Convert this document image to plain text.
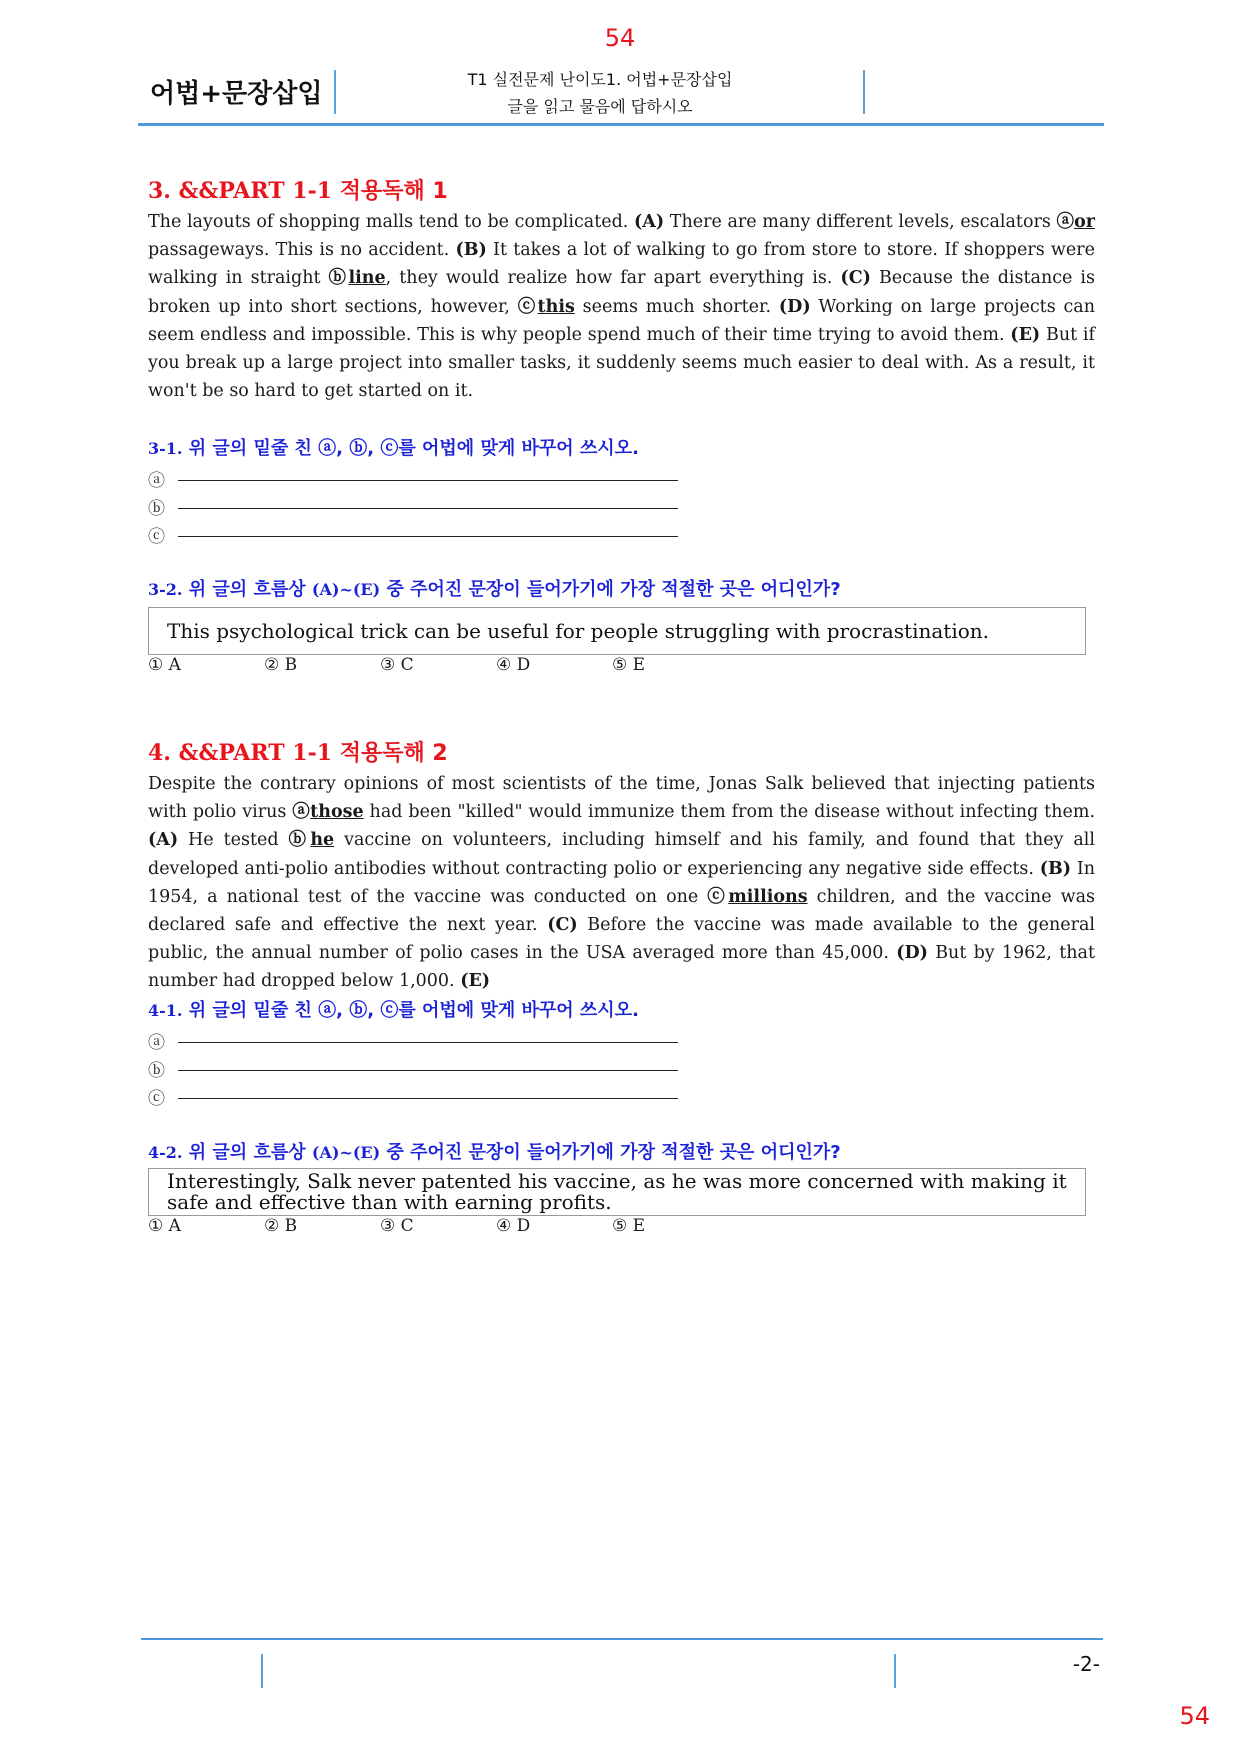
54
어법+문장삽입	T1 실전문제 난이도1. 어법+문장삽입
글을 읽고 물음에 답하시오
3. &&PART 1-1 적용독해 1
The layouts of shopping malls tend to be complicated. (A) There are many different levels, escalators ⓐor passageways. This is no accident. (B) It takes a lot of walking to go from store to store. If shoppers were walking in straight ⓑline, they would realize how far apart everything is. (C) Because the distance is broken up into short sections, however, ⓒthis seems much shorter. (D) Working on large projects can seem endless and impossible. This is why people spend much of their time trying to avoid them. (E) But if you break up a large project into smaller tasks, it suddenly seems much easier to deal with. As a result, it won't be so hard to get started on it.
3-1. 위 글의 밑줄 친 ⓐ, ⓑ, ⓒ를 어법에 맞게 바꾸어 쓰시오.
ⓐ
ⓑ
ⓒ
3-2. 위 글의 흐름상 (A)~(E) 중 주어진 문장이 들어가기에 가장 적절한 곳은 어디인가?
This psychological trick can be useful for people struggling with procrastination.
① A	② B	③ C	④ D	⑤ E
4. &&PART 1-1 적용독해 2
Despite the contrary opinions of most scientists of the time, Jonas Salk believed that injecting patients with polio virus ⓐthose had been "killed" would immunize them from the disease without infecting them. (A) He tested ⓑhe vaccine on volunteers, including himself and his family, and found that they all developed anti-polio antibodies without contracting polio or experiencing any negative side effects. (B) In 1954, a national test of the vaccine was conducted on one ⓒmillions children, and the vaccine was declared safe and effective the next year. (C) Before the vaccine was made available to the general public, the annual number of polio cases in the USA averaged more than 45,000. (D) But by 1962, that number had dropped below 1,000. (E)
4-1. 위 글의 밑줄 친 ⓐ, ⓑ, ⓒ를 어법에 맞게 바꾸어 쓰시오.
ⓐ
ⓑ
ⓒ
4-2. 위 글의 흐름상 (A)~(E) 중 주어진 문장이 들어가기에 가장 적절한 곳은 어디인가?
Interestingly, Salk never patented his vaccine, as he was more concerned with making it safe and effective than with earning profits.
① A	② B	③ C	④ D	⑤ E
-2-
54
